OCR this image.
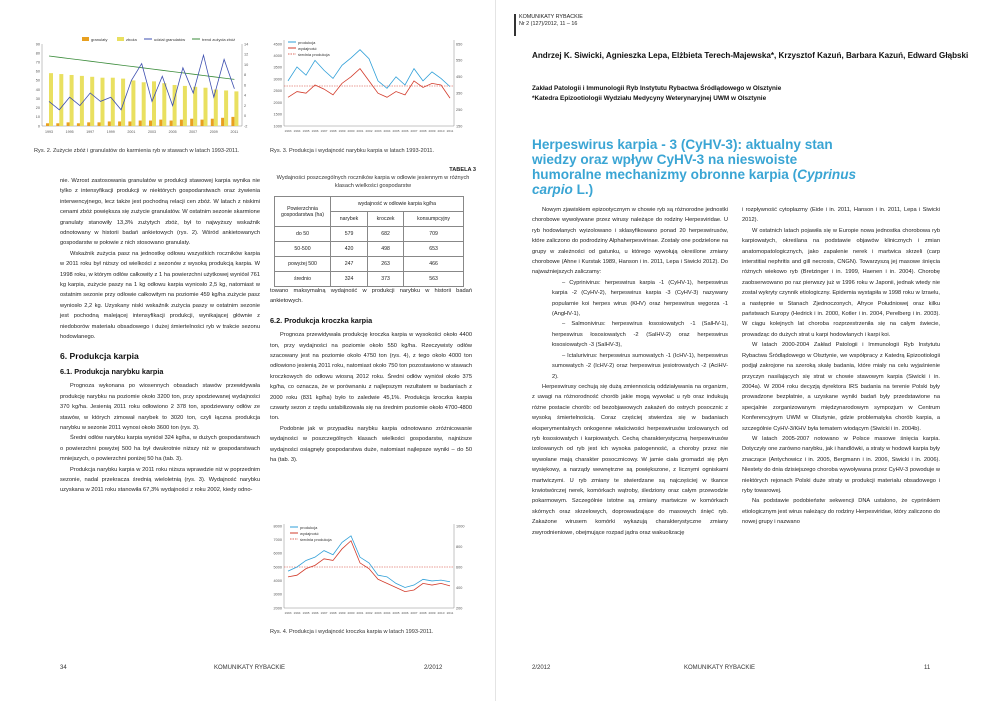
granulaty	zboża	udział granulatów	trend zużycia zbóż
0
10
20
30
40
50
60
70
80
90
-2
0
2
4
6
8
10
12
14
1993	1995	1997	1999	2001	2003	2005	2007	2009	2011
Rys. 2. Zużycie zbóż i granulatów do karmienia ryb w stawach w latach 1993-2011.
produkcja
wydajność
średnia produkcja
1000
1500
2000
2500
3000
3500
4000
4500
150
250
350
450
550
650
1993 1994 1995 1996 1997 1998 1999 2000 2001 2002 2003 2004 2005 2006 2007 2008 2009 2010 2011
Rys. 3. Produkcja i wydajność narybku karpia w latach 1993-2011.

nie. Wzrost zastosowania granulatów w produkcji stawowej karpia wynika nie tylko z intensyfikacji produkcji w niektórych gospodarstwach oraz żywienia interwencyjnego, lecz także jest pochodną relacji cen zbóż. W latach z niskimi cenami zbóż powiększa się zużycie granulatów. W ostatnim sezonie skarmione granulaty stanowiły 13,3% zużytych zbóż, był to najwyższy wskaźnik odnotowany w historii badań ankietowych (rys. 2). Wśród ankietowanych gospodarstw w połowie z nich stosowano granulaty.

Wskaźnik zużycia pasz na jednostkę odłowu wszystkich roczników karpia w 2011 roku był niższy od wielkości z sezonów z wysoką produkcją karpia. W 1998 roku, w którym odłów całkowity z 1 ha powierzchni użytkowej wyniósł 761 kg karpia, zużycie paszy na 1 kg odłowu karpia wyniosło 2,5 kg, natomiast w ostatnim sezonie przy odłowie całkowitym na poziomie 459 kg/ha zużycie pasz wyniosło 2,2 kg. Uzyskany niski wskaźnik zużycia paszy w ostatnim sezonie jest pochodną malejącej intensyfikacji produkcji, wynikającej głównie z niedoborów materiału obsadowego i dużej śmiertelności ryb w trakcie sezonu hodowlanego.

6. Produkcja karpia
6.1. Produkcja narybku karpia

Prognoza wykonana po wiosennych obsadach stawów przewidywała produkcję narybku na poziomie około 3200 ton, przy spodziewanej wydajności 370 kg/ha. Jesienią 2011 roku odłowiono 2 378 ton, spodziewany odłów ze stawów, w których zimował narybek to 3020 ton, czyli łączna produkcja narybku w sezonie 2011 wynosi około 3600 ton (rys. 3).

Średni odłów narybku karpia wyniósł 324 kg/ha, w dużych gospodarstwach o powierzchni powyżej 500 ha był dwukrotnie niższy niż w gospodarstwach mniejszych, o powierzchni poniżej 50 ha (tab. 3).

Produkcja narybku karpia w 2011 roku niższa wprawdzie niż w poprzednim sezonie, nadal przekracza średnią wieloletnią (rys. 3). Wydajność narybku uzyskana w 2011 roku stanowiła 67,3% wydajności z roku 2002, kiedy odno-

TABELA 3
Wydajności poszczególnych roczników karpia w odłowie jesiennym w różnych klasach wielkości gospodarstw
Powierzchnia gospodarstwa (ha)	wydajność w odłowie karpia kg/ha		
	narybek	kroczek	konsumpcyjny
do 50	579	682	709
50-500	420	498	653
powyżej 500	247	263	466
średnio	324	373	563

towano maksymalną wydajność w produkcji narybku w historii badań ankietowych.

6.2. Produkcja kroczka karpia

Prognoza przewidywała produkcję kroczka karpia w wysokości około 4400 ton, przy wydajności na poziomie około 550 kg/ha. Rzeczywisty odłów szacowany jest na poziomie około 4750 ton (rys. 4), z tego około 4000 ton odłowiono jesienią 2011 roku, natomiast około 750 ton pozostawiono w stawach kroczkowych do odłowu wiosną 2012 roku. Średni odłów wyniósł około 375 kg/ha, co oznacza, że w porównaniu z najlepszym rezultatem w badaniach z 2000 roku (831 kg/ha) było to zaledwie 45,1%. Produkcja kroczka karpia czwarty sezon z rzędu ustabilizowała się na średnim poziomie około 4700-4800 ton.

Podobnie jak w przypadku narybku karpia odnotowano zróżnicowanie wydajności w poszczególnych klasach wielkości gospodarstw, najniższe wydajności osiągnęły gospodarstwa duże, natomiast najlepsze wyniki – do 50 ha (tab. 3).

produkcja
wydajność
średnia produkcja
2000
3000
4000
5000
6000
7000
8000
200
400
600
800
1000
1993 1994 1995 1996 1997 1998 1999 2000 2001 2002 2003 2004 2005 2006 2007 2008 2009 2010 2011
Rys. 4. Produkcja i wydajność kroczka karpia w latach 1993-2011.
34	KOMUNIKATY RYBACKIE	2/2012
KOMUNIKATY RYBACKIE
Nr 2 (127)/2012, 11 – 16
Andrzej K. Siwicki, Agnieszka Lepa, Elżbieta Terech-Majewska*, Krzysztof Kazuń, Barbara Kazuń, Edward Głąbski
Zakład Patologii i Immunologii Ryb Instytutu Rybactwa Śródlądowego w Olsztynie
*Katedra Epizootiologii Wydziału Medycyny Weterynaryjnej UWM w Olsztynie
Herpeswirus karpia - 3 (CyHV-3): aktualny stan wiedzy oraz wpływ CyHV-3 na nieswoiste humoralne mechanizmy obronne karpia (Cyprinus carpio L.)

Nowym zjawiskiem epizootycznym w chowie ryb są różnorodne jednostki chorobowe wywoływane przez wirusy należące do rodziny Herpesviridae. U ryb hodowlanych wyizolowano i sklasyfikowano ponad 20 herpeswirusów, które zaliczono do podrodziny Alphaherpesvirinae. Zostały one podzielone na grupy w zależności od gatunku, u którego wywołują określone zmiany chorobowe (Ahne i Kurstak 1989, Hanson i in. 2011, Lepa i Siwicki 2012). Do najważniejszych zaliczamy:

– Cyprinivirus: herpeswirus karpia -1 (CyHV-1), herpeswirus karpia -2 (CyHV-2), herpeswirus karpia -3 (CyHV-3) nazywany popularnie koi herpes wirus (KHV) oraz herpeswirus węgorza -1 (AngHV-1),

– Salmonivirus: herpeswirus łososiowatych -1 (SalHV-1), herpeswirus łososiowatych -2 (SalHV-2) oraz herpeswirus łososiowatych -3 (SalHV-3),

– Ictalurivirus: herpeswirus sumowatych -1 (IcHV-1), herpeswirus sumowatych -2 (IcHV-2) oraz herpeswirus jesiotrowatych -2 (AciHV-2).

Herpeswirusy cechują się dużą zmiennością oddziaływania na organizm, z uwagi na różnorodność chorób jakie mogą wywołać u ryb oraz indukują różne postacie chorób: od bezobjawowych zakażeń do ostrych posocznic z wysoką śmiertelnością. Coraz częściej stwierdza się w badaniach eksperymentalnych onkogenne właściwości herpeswirusów izolowanych od ryb łososiowatych i karpiowatych. Cechą charakterystyczną herpeswirusów izolowanych od ryb jest ich wysoka patogenność, a choroby przez nie wywołane mają charakter posocznicowy. W jamie ciała gromadzi się płyn wysiękowy, a narządy wewnętrzne są powiększone, z licznymi ogniskami martwiczymi. U ryb zmiany te stwierdzane są najczęściej w tkance krwiotwórczej nerek, komórkach wątroby, śledziony oraz całym przewodzie pokarmowym. Szczególnie istotne są zmiany martwicze w komórkach skórnych oraz skrzelowych, doprowadzające do masowych śnięć ryb. Zakażone wirusem komórki wykazują charakterystyczne zmiany zwyrodnieniowe, obejmujące rozpad jądra oraz wakuolizację

i rozpływność cytoplazmy (Eide i in. 2011, Hanson i in. 2011, Lepa i Siwicki 2012).

W ostatnich latach pojawiła się w Europie nowa jednostka chorobowa ryb karpiowatych, określana na podstawie objawów klinicznych i zmian anatomopatologicznych, jako zapalenie nerek i martwica skrzeli (carp interstitial nephritis and gill necrosis, CNGN). Towarzyszą jej masowe śnięcia różnych wiekowo ryb (Bretzinger i in. 1999, Haenen i in. 2004). Chorobę zaobserwowano po raz pierwszy już w 1996 roku w Japonii, jednak wtedy nie został wykryty czynnik etiologiczny. Epidemia wystąpiła w 1998 roku w Izraelu, a następnie w Stanach Zjednoczonych, Afryce Południowej oraz kilku państwach Europy (Hedrick i in. 2000, Kotler i in. 2004, Perelberg i in. 2003). W ciągu kolejnych lat choroba rozprzestrzeniła się na całym świecie, prowadząc do dużych strat u karpi hodowlanych i karpi koi.

W latach 2000-2004 Zakład Patologii i Immunologii Ryb Instytutu Rybactwa Śródlądowego w Olsztynie, we współpracy z Katedrą Epizootiologii podjął zakrojone na szeroką skalę badania, które miały na celu wyjaśnienie przyczyn nasilających się strat w chowie stawowym karpia (Siwicki i in. 2004a). W 2004 roku decyzją dyrektora IRS badania na terenie Polski były prowadzone bezpłatnie, a uzyskane wyniki badań były przedstawione na specjalnie zorganizowanym międzynarodowym sympozjum w Centrum Konferencyjnym UWM w Olsztynie, gdzie problematyka chorób karpia, a szczególnie CyHV-3/KHV była tematem wiodącym (Siwicki i in. 2004b).

W latach 2005-2007 notowano w Polsce masowe śnięcia karpia. Dotyczyły one zarówno narybku, jak i handlówki, a straty w hodowli karpia były znaczące (Antychowicz i in. 2005, Bergmann i in. 2006, Siwicki i in. 2006). Niestety do dnia dzisiejszego choroba wywoływana przez CyHV-3 powoduje w niektórych rejonach Polski duże straty w produkcji materiału obsadowego i ryby towarowej.

Na podstawie podobieństw sekwencji DNA ustalono, że cyprinikiem etiologicznym jest wirus należący do rodziny Herpesviridae, który zaliczono do nowej grupy i nazwano

2/2012	KOMUNIKATY RYBACKIE	11
